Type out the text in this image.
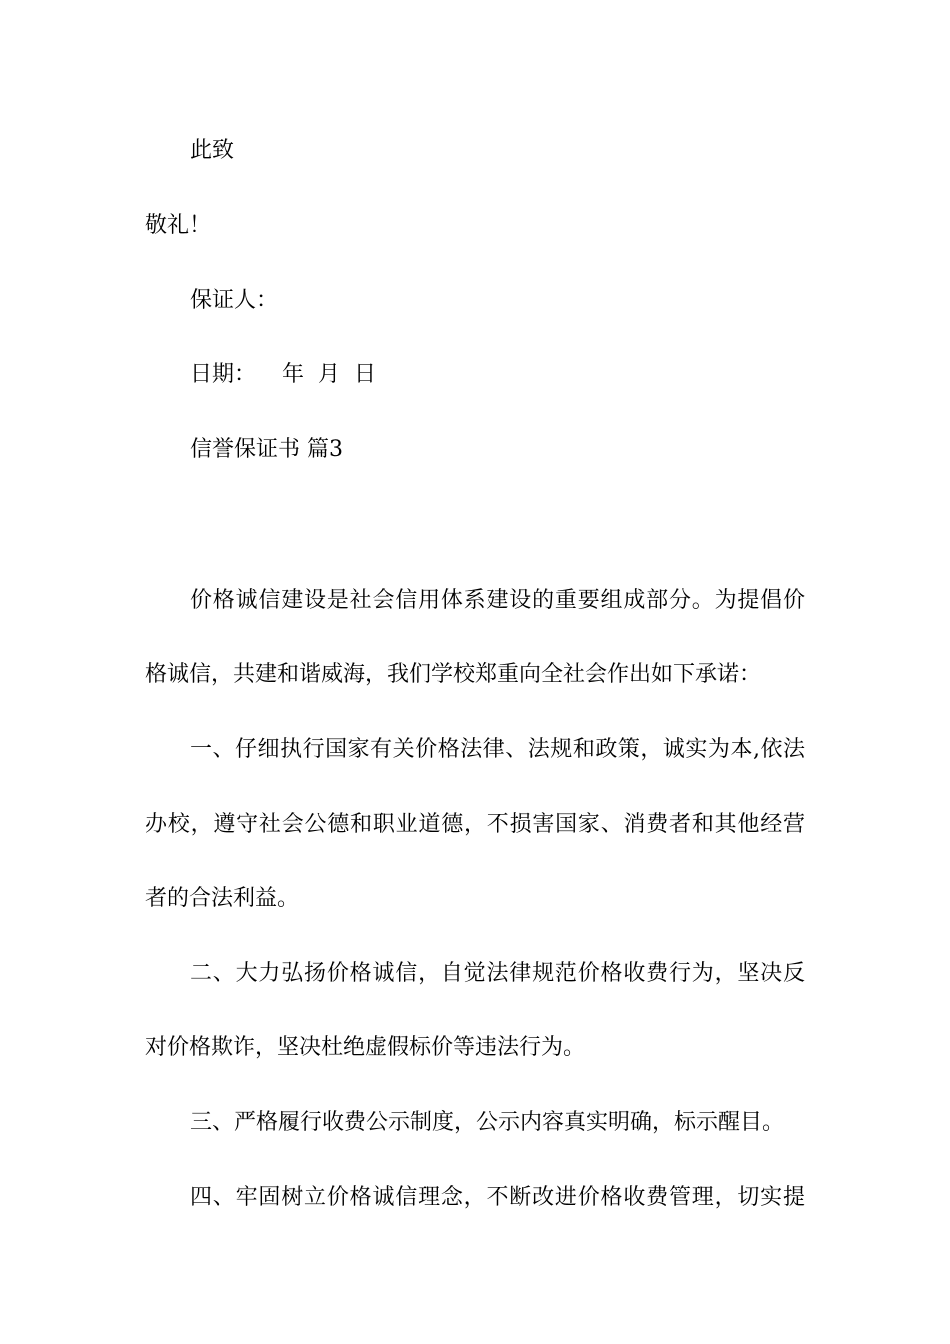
此致
敬礼！
保证人：
日期： 年 月 日
信誉保证书 篇3
价格诚信建设是社会信用体系建设的重要组成部分。为提倡价
格诚信，共建和谐威海，我们学校郑重向全社会作出如下承诺：
一、仔细执行国家有关价格法律、法规和政策，诚实为本,依法
办校，遵守社会公德和职业道德，不损害国家、消费者和其他经营
者的合法利益。
二、大力弘扬价格诚信，自觉法律规范价格收费行为，坚决反
对价格欺诈，坚决杜绝虚假标价等违法行为。
三、严格履行收费公示制度，公示内容真实明确，标示醒目。
四、牢固树立价格诚信理念，不断改进价格收费管理，切实提
